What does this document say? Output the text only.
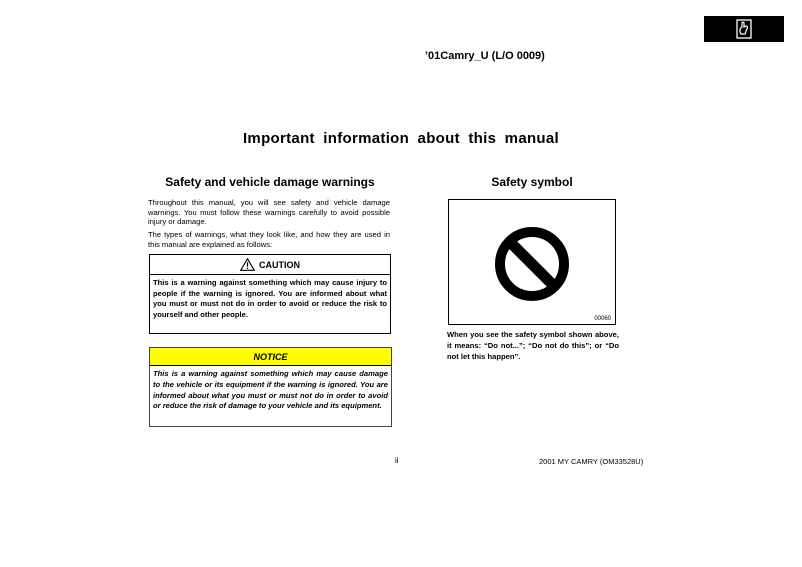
’01Camry_U (L/O 0009)
Important information about this manual
Safety and vehicle damage warnings
Throughout this manual, you will see safety and vehicle damage warnings. You must follow these warnings carefully to avoid possible injury or damage.
The types of warnings, what they look like, and how they are used in this manual are explained as follows:
CAUTION
This is a warning against something which may cause injury to people if the warning is ignored. You are informed about what you must or must not do in order to avoid or reduce the risk to yourself and other people.
NOTICE
This is a warning against something which may cause damage to the vehicle or its equipment if the warning is ignored. You are informed about what you must or must not do in order to avoid or reduce the risk of damage to your vehicle and its equipment.
Safety symbol
00060
When you see the safety symbol shown above, it means: “Do not...”; “Do not do this”; or “Do not let this happen”.
ii	2001 MY CAMRY (OM33528U)
